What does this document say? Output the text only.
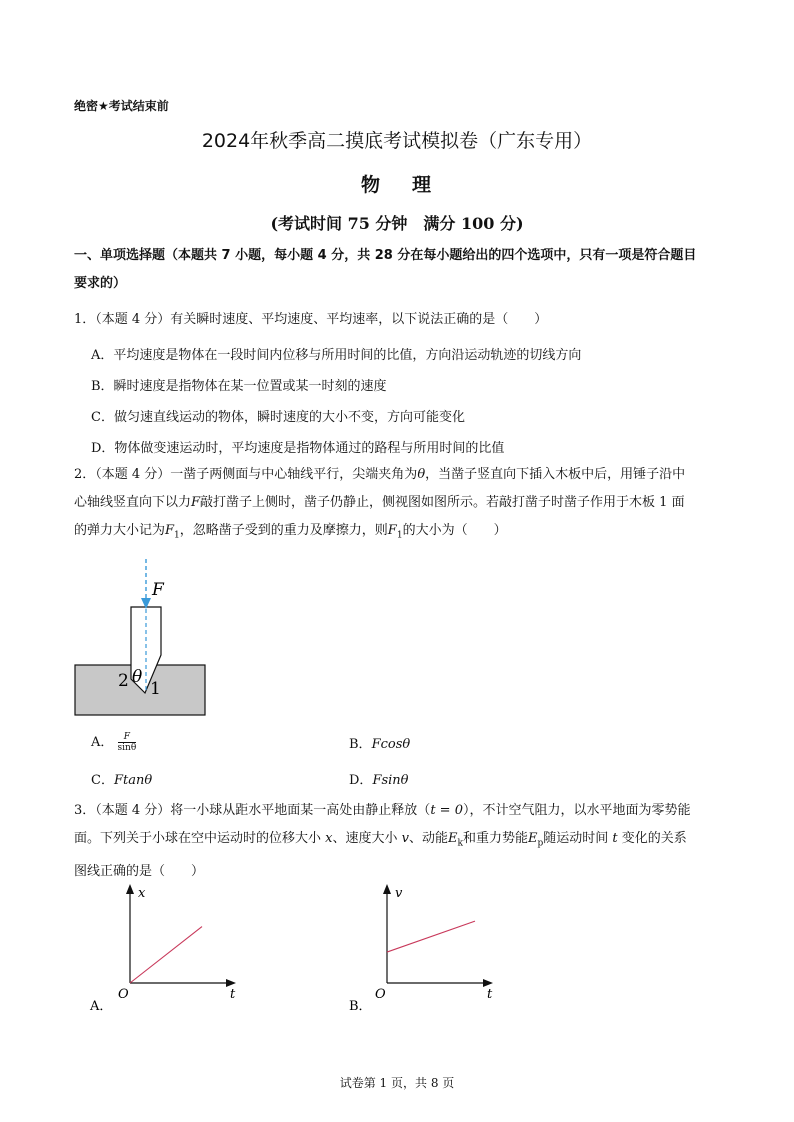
绝密★考试结束前
2024年秋季高二摸底考试模拟卷（广东专用）
物 理
(考试时间 75 分钟　满分 100 分)
一、单项选择题（本题共 7 小题，每小题 4 分，共 28 分在每小题给出的四个选项中，只有一项是符合题目
要求的）
1．（本题 4 分）有关瞬时速度、平均速度、平均速率，以下说法正确的是（　　）
A．平均速度是物体在一段时间内位移与所用时间的比值，方向沿运动轨迹的切线方向
B．瞬时速度是指物体在某一位置或某一时刻的速度
C．做匀速直线运动的物体，瞬时速度的大小不变，方向可能变化
D．物体做变速运动时，平均速度是指物体通过的路程与所用时间的比值
2．（本题 4 分）一凿子两侧面与中心轴线平行，尖端夹角为θ，当凿子竖直向下插入木板中后，用锤子沿中
心轴线竖直向下以力F敲打凿子上侧时，凿子仍静止，侧视图如图所示。若敲打凿子时凿子作用于木板 1 面
的弹力大小记为$F_1$，忽略凿子受到的重力及摩擦力，则$F_1$的大小为（　　）
F
2 θ
1
A． $\frac{F}{\sin\theta}$	B．Fcosθ
C．Ftanθ	D．Fsinθ
3．（本题 4 分）将一小球从距水平地面某一高处由静止释放（t = 0），不计空气阻力，以水平地面为零势能
面。下列关于小球在空中运动时的位移大小 x、速度大小 v、动能$E_k$和重力势能$E_p$随运动时间 t 变化的关系
图线正确的是（　　）
x
t
O
A．
v
t
O
B．
试卷第 1 页，共 8 页
